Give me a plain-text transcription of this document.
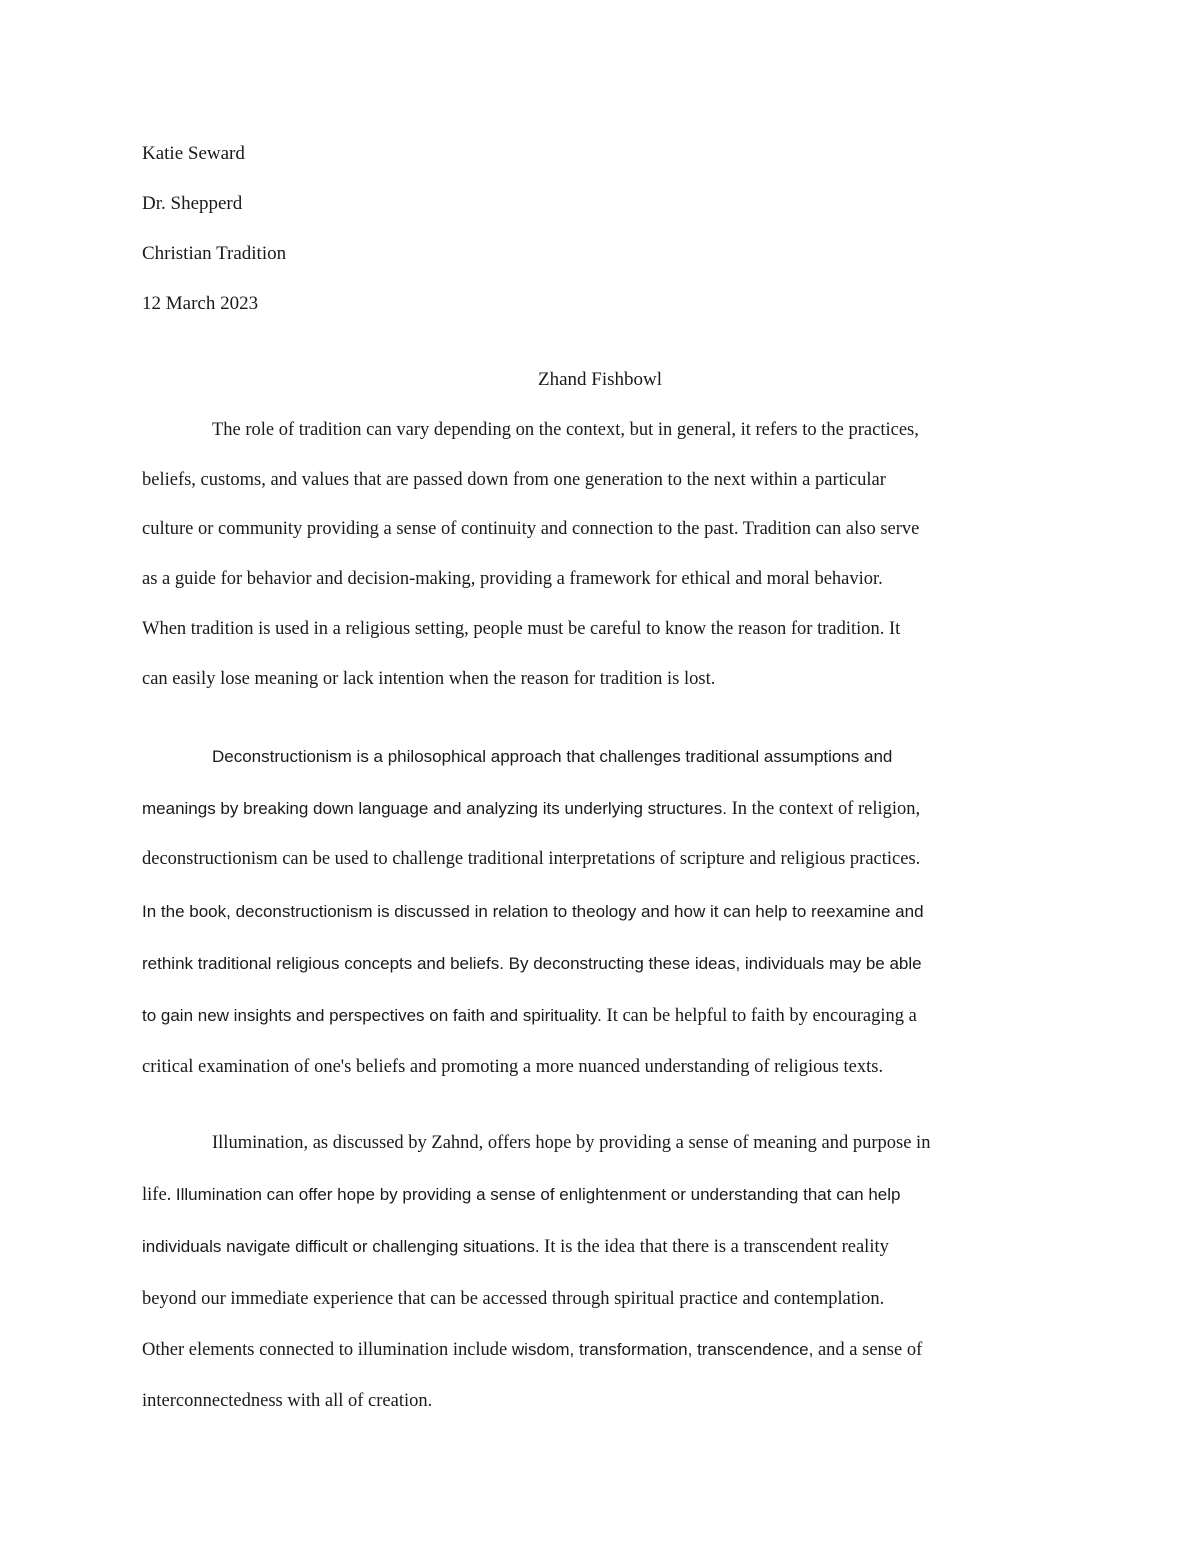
Katie Seward
Dr. Shepperd
Christian Tradition
12 March 2023
Zhand Fishbowl
The role of tradition can vary depending on the context, but in general, it refers to the practices,
beliefs, customs, and values that are passed down from one generation to the next within a particular
culture or community providing a sense of continuity and connection to the past. Tradition can also serve
as a guide for behavior and decision-making, providing a framework for ethical and moral behavior.
When tradition is used in a religious setting, people must be careful to know the reason for tradition. It
can easily lose meaning or lack intention when the reason for tradition is lost.
Deconstructionism is a philosophical approach that challenges traditional assumptions and
meanings by breaking down language and analyzing its underlying structures. In the context of religion,
deconstructionism can be used to challenge traditional interpretations of scripture and religious practices.
In the book, deconstructionism is discussed in relation to theology and how it can help to reexamine and
rethink traditional religious concepts and beliefs. By deconstructing these ideas, individuals may be able
to gain new insights and perspectives on faith and spirituality. It can be helpful to faith by encouraging a
critical examination of one's beliefs and promoting a more nuanced understanding of religious texts.
Illumination, as discussed by Zahnd, offers hope by providing a sense of meaning and purpose in
life. Illumination can offer hope by providing a sense of enlightenment or understanding that can help
individuals navigate difficult or challenging situations. It is the idea that there is a transcendent reality
beyond our immediate experience that can be accessed through spiritual practice and contemplation.
Other elements connected to illumination include wisdom, transformation, transcendence, and a sense of
interconnectedness with all of creation.
